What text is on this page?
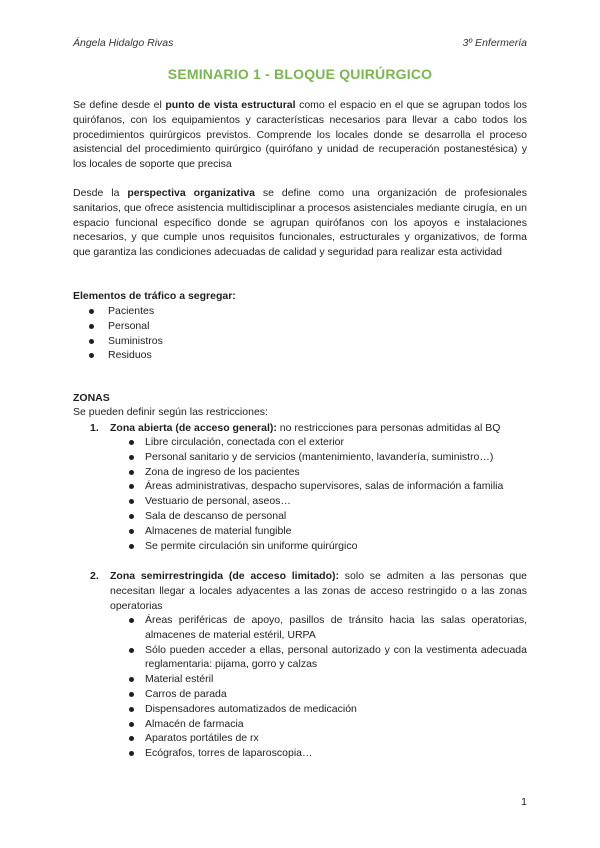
Ángela Hidalgo Rivas	3º Enfermería
SEMINARIO 1 - BLOQUE QUIRÚRGICO
Se define desde el punto de vista estructural como el espacio en el que se agrupan todos los quirófanos, con los equipamientos y características necesarios para llevar a cabo todos los procedimientos quirúrgicos previstos. Comprende los locales donde se desarrolla el proceso asistencial del procedimiento quirúrgico (quirófano y unidad de recuperación postanestésica) y los locales de soporte que precisa
Desde la perspectiva organizativa se define como una organización de profesionales sanitarios, que ofrece asistencia multidisciplinar a procesos asistenciales mediante cirugía, en un espacio funcional específico donde se agrupan quirófanos con los apoyos e instalaciones necesarios, y que cumple unos requisitos funcionales, estructurales y organizativos, de forma que garantiza las condiciones adecuadas de calidad y seguridad para realizar esta actividad
Elementos de tráfico a segregar:
Pacientes
Personal
Suministros
Residuos
ZONAS
Se pueden definir según las restricciones:
1.	Zona abierta (de acceso general): no restricciones para personas admitidas al BQ
Libre circulación, conectada con el exterior
Personal sanitario y de servicios (mantenimiento, lavandería, suministro…)
Zona de ingreso de los pacientes
Áreas administrativas, despacho supervisores, salas de información a familia
Vestuario de personal, aseos…
Sala de descanso de personal
Almacenes de material fungible
Se permite circulación sin uniforme quirúrgico
2.	Zona semirrestringida (de acceso limitado): solo se admiten a las personas que necesitan llegar a locales adyacentes a las zonas de acceso restringido o a las zonas operatorias
Áreas periféricas de apoyo, pasillos de tránsito hacia las salas operatorias, almacenes de material estéril, URPA
Sólo pueden acceder a ellas, personal autorizado y con la vestimenta adecuada reglamentaria: pijama, gorro y calzas
Material estéril
Carros de parada
Dispensadores automatizados de medicación
Almacén de farmacia
Aparatos portátiles de rx
Ecógrafos, torres de laparoscopia…
1
